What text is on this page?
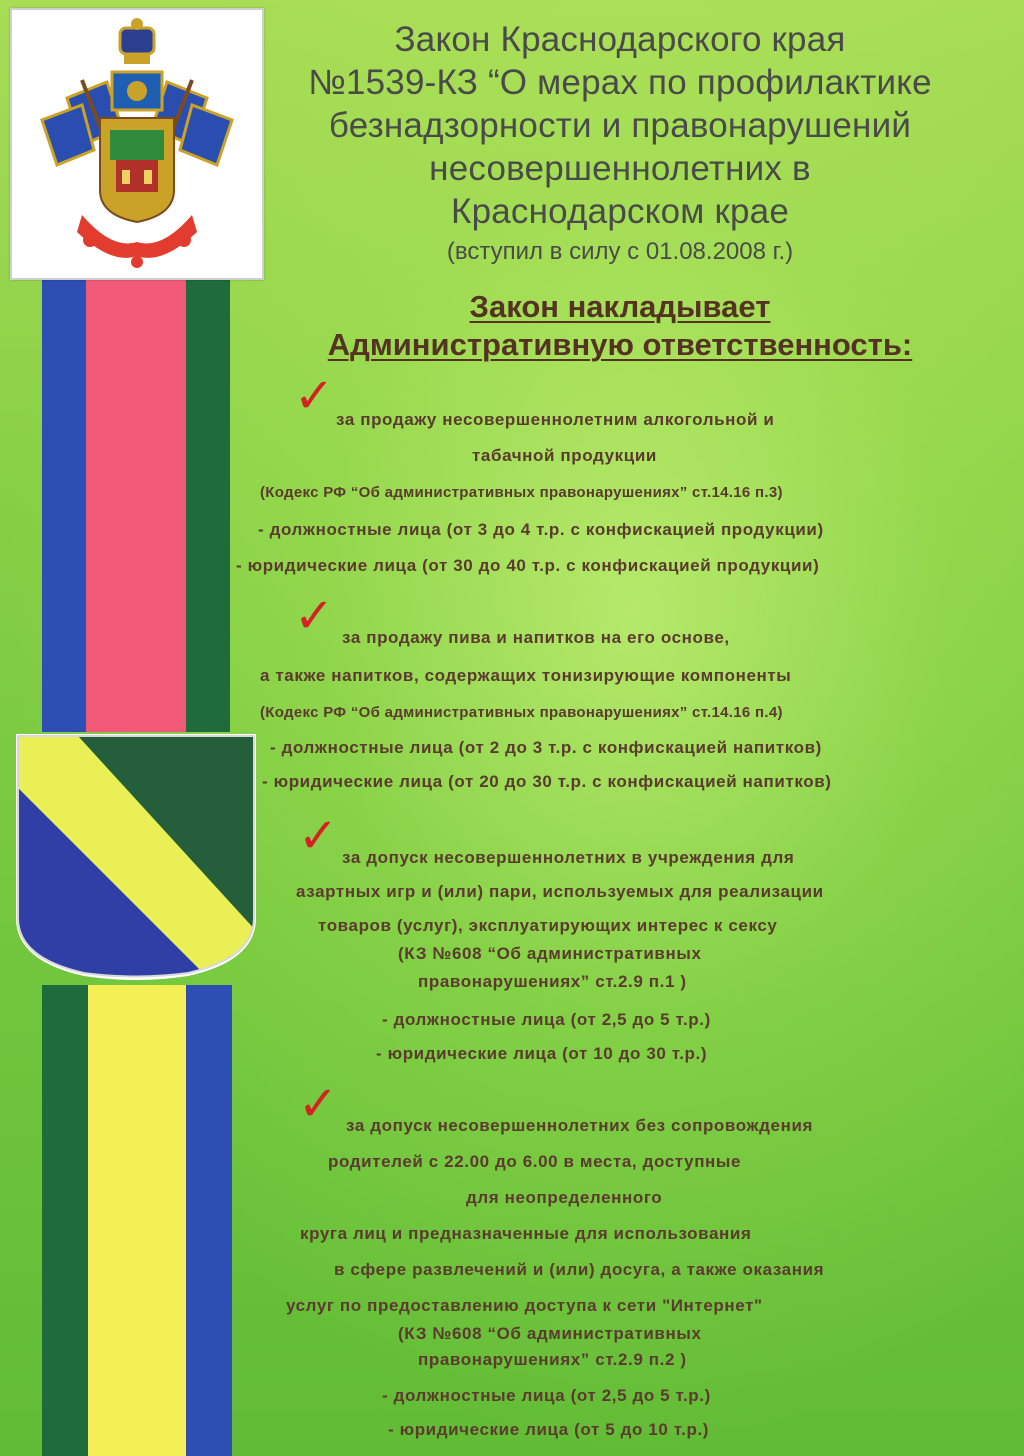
Закон Краснодарского края
№1539-КЗ “О мерах по профилактике
безнадзорности и правонарушений
несовершеннолетних в
Краснодарском крае
(вступил в силу с 01.08.2008 г.)
Закон накладывает
Административную ответственность:
✓ за продажу несовершеннолетним алкогольной и
табачной продукции
(Кодекс РФ “Об административных правонарушениях” ст.14.16 п.3)
- должностные лица (от 3 до 4 т.р. с конфискацией продукции)
- юридические лица (от 30 до 40 т.р. с конфискацией продукции)
✓ за продажу пива и напитков на его основе,
а также напитков, содержащих тонизирующие компоненты
(Кодекс РФ “Об административных правонарушениях” ст.14.16 п.4)
- должностные лица (от 2 до 3 т.р. с конфискацией напитков)
- юридические лица (от 20 до 30 т.р. с конфискацией напитков)
✓ за допуск несовершеннолетних в учреждения для
азартных игр и (или) пари, используемых для реализации
товаров (услуг), эксплуатирующих интерес к сексу
(КЗ №608 “Об административных
правонарушениях” ст.2.9 п.1 )
- должностные лица (от 2,5 до 5 т.р.)
- юридические лица (от 10 до 30 т.р.)
✓ за допуск несовершеннолетних без сопровождения
родителей с 22.00 до 6.00 в места, доступные
для неопределенного
круга лиц и предназначенные для использования
в сфере развлечений и (или) досуга, а также оказания
услуг по предоставлению доступа к сети "Интернет"
(КЗ №608 “Об административных
правонарушениях” ст.2.9 п.2 )
- должностные лица (от 2,5 до 5 т.р.)
- юридические лица (от 5 до 10 т.р.)
